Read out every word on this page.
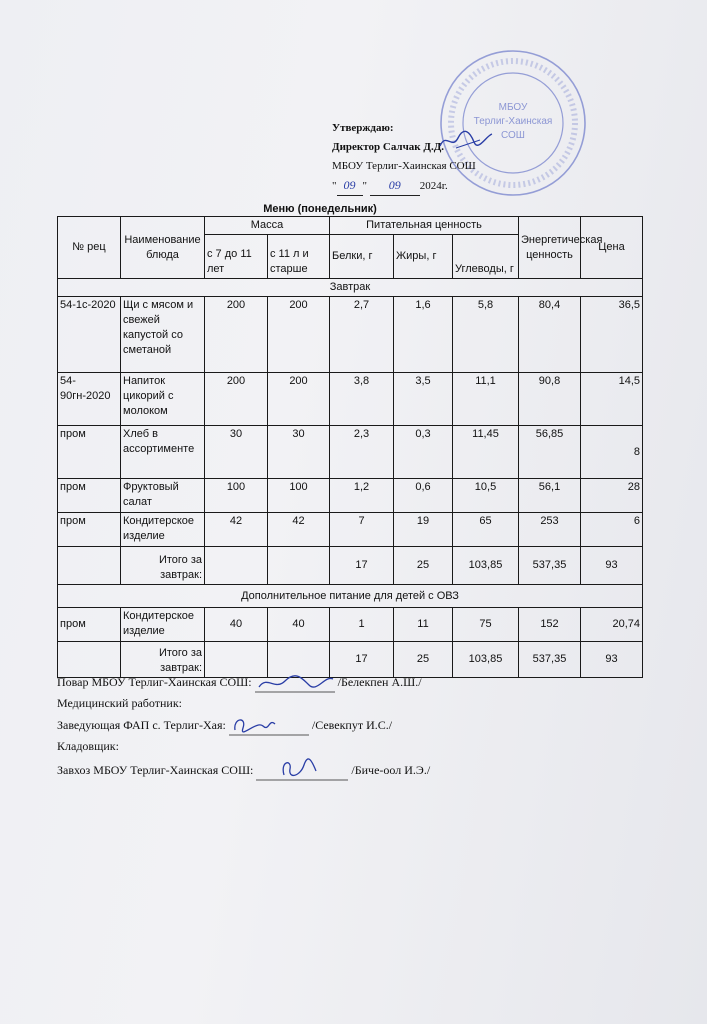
МБОУ
Терлиг-Хаинская
СОШ
Утверждаю:
Директор Салчак Д.Д.
МБОУ Терлиг-Хаинская СОШ
" 09 " 09 2024г.
Меню (понедельник)
№ рец	Наименование блюда	Масса		Питательная ценность			Энергетическая ценность	Цена
		с 7 до 11 лет	с 11 л и старше	Белки, г	Жиры, г	Углеводы, г		
Завтрак								
54-1с-2020	Щи с мясом и свежей капустой со сметаной	200	200	2,7	1,6	5,8	80,4	36,5
54-90гн-2020	Напиток цикорий с молоком	200	200	3,8	3,5	11,1	90,8	14,5
пром	Хлеб в ассортименте	30	30	2,3	0,3	11,45	56,85	8
пром	Фруктовый салат	100	100	1,2	0,6	10,5	56,1	28
пром	Кондитерское изделие	42	42	7	19	65	253	6
	Итого за завтрак:			17	25	103,85	537,35	93
Дополнительное питание для детей с ОВЗ								
пром	Кондитерское изделие	40	40	1	11	75	152	20,74
	Итого за завтрак:			17	25	103,85	537,35	93
Повар МБОУ Терлиг-Хаинская СОШ:	/Белекпен А.Ш./
Медицинский работник:
Заведующая ФАП с. Терлиг-Хая:	/Севекпут И.С./
Кладовщик:
Завхоз МБОУ Терлиг-Хаинская СОШ:	/Биче-оол И.Э./
